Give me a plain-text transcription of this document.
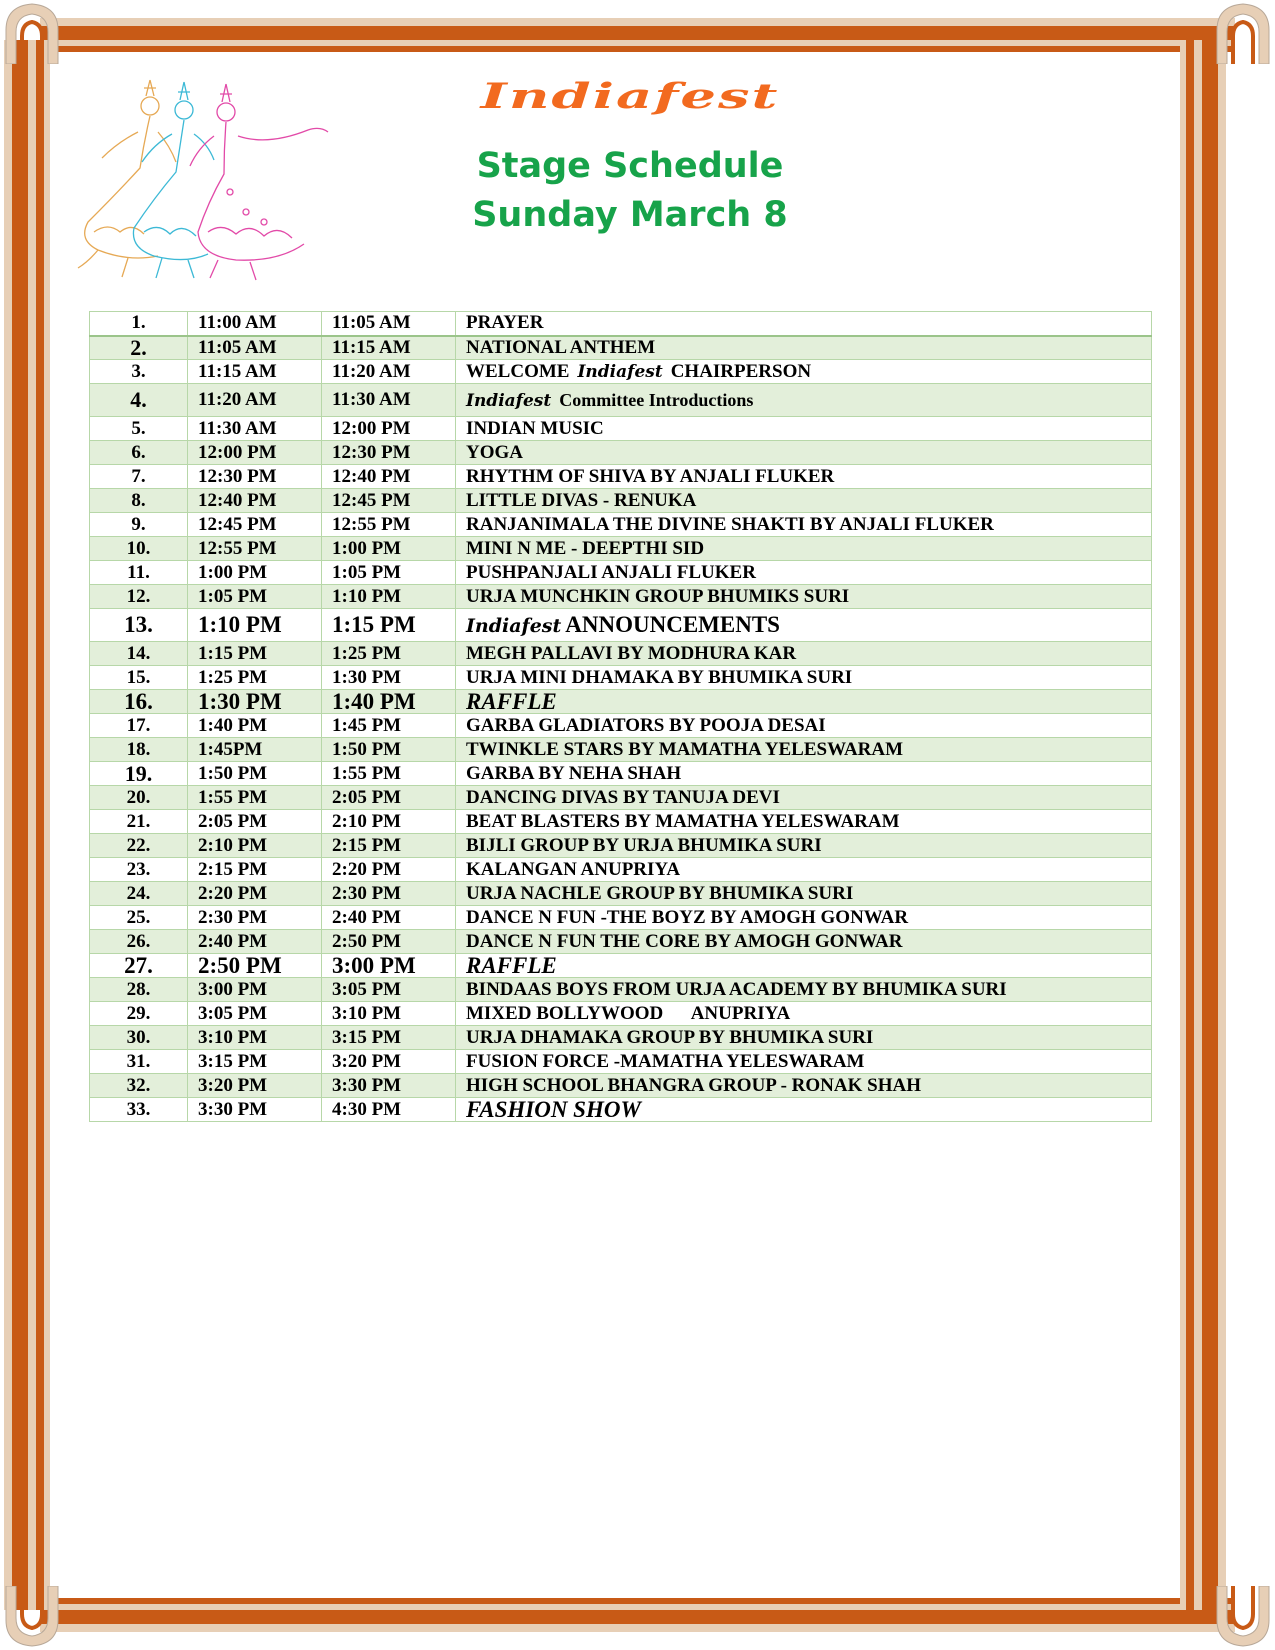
Indiafest
Stage Schedule
Sunday March 8
1.	11:00 AM	11:05 AM	PRAYER
2.	11:05 AM	11:15 AM	NATIONAL ANTHEM
3.	11:15 AM	11:20 AM	WELCOME Indiafest CHAIRPERSON
4.	11:20 AM	11:30 AM	Indiafest Committee Introductions
5.	11:30 AM	12:00 PM	INDIAN MUSIC
6.	12:00 PM	12:30 PM	YOGA
7.	12:30 PM	12:40 PM	RHYTHM OF SHIVA BY ANJALI FLUKER
8.	12:40 PM	12:45 PM	LITTLE DIVAS - RENUKA
9.	12:45 PM	12:55 PM	RANJANIMALA THE DIVINE SHAKTI BY ANJALI FLUKER
10.	12:55 PM	1:00 PM	MINI N ME - DEEPTHI SID
11.	1:00 PM	1:05 PM	PUSHPANJALI ANJALI FLUKER
12.	1:05 PM	1:10 PM	URJA MUNCHKIN GROUP BHUMIKS SURI
13.	1:10 PM	1:15 PM	Indiafest ANNOUNCEMENTS
14.	1:15 PM	1:25 PM	MEGH PALLAVI BY MODHURA KAR
15.	1:25 PM	1:30 PM	URJA MINI DHAMAKA BY BHUMIKA SURI
16.	1:30 PM	1:40 PM	RAFFLE
17.	1:40 PM	1:45 PM	GARBA GLADIATORS BY POOJA DESAI
18.	1:45PM	1:50 PM	TWINKLE STARS BY MAMATHA YELESWARAM
19.	1:50 PM	1:55 PM	GARBA BY NEHA SHAH
20.	1:55 PM	2:05 PM	DANCING DIVAS BY TANUJA DEVI
21.	2:05 PM	2:10 PM	BEAT BLASTERS BY MAMATHA YELESWARAM
22.	2:10 PM	2:15 PM	BIJLI GROUP BY URJA BHUMIKA SURI
23.	2:15 PM	2:20 PM	KALANGAN ANUPRIYA
24.	2:20 PM	2:30 PM	URJA NACHLE GROUP BY BHUMIKA SURI
25.	2:30 PM	2:40 PM	DANCE N FUN -THE BOYZ BY AMOGH GONWAR
26.	2:40 PM	2:50 PM	DANCE N FUN THE CORE BY AMOGH GONWAR
27.	2:50 PM	3:00 PM	RAFFLE
28.	3:00 PM	3:05 PM	BINDAAS BOYS FROM URJA ACADEMY BY BHUMIKA SURI
29.	3:05 PM	3:10 PM	MIXED BOLLYWOOD      ANUPRIYA
30.	3:10 PM	3:15 PM	URJA DHAMAKA GROUP BY BHUMIKA SURI
31.	3:15 PM	3:20 PM	FUSION FORCE -MAMATHA YELESWARAM
32.	3:20 PM	3:30 PM	HIGH SCHOOL BHANGRA GROUP - RONAK SHAH
33.	3:30 PM	4:30 PM	FASHION SHOW
